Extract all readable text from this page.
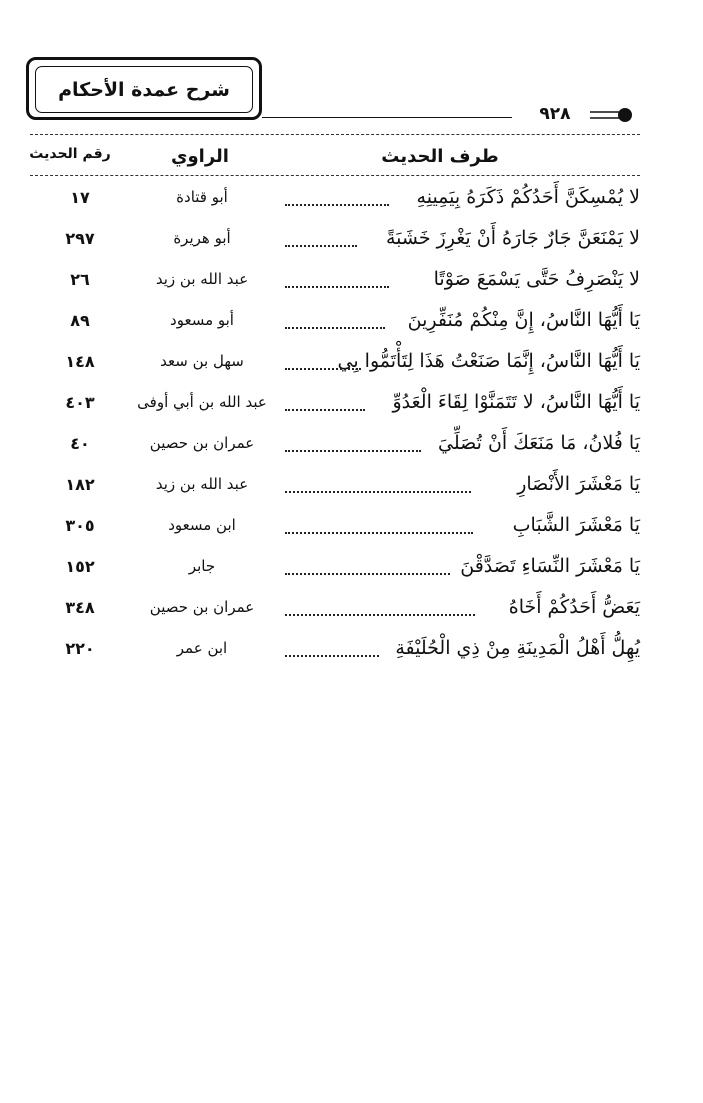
شرح عمدة الأحكام
٩٢٨
طرف الحديث
الراوي
رقم الحديث
لا يُمْسِكَنَّ أَحَدُكُمْ ذَكَرَهُ بِيَمِينِهِ
أبو قتادة
١٧
لا يَمْنَعَنَّ جَارٌ جَارَهُ أَنْ يَغْرِزَ خَشَبَةً
أبو هريرة
٢٩٧
لا يَنْصَرِفُ حَتَّى يَسْمَعَ صَوْتًا
عبد الله بن زيد
٢٦
يَا أَيُّهَا النَّاسُ، إِنَّ مِنْكُمْ مُنَفِّرِينَ
أبو مسعود
٨٩
يَا أَيُّهَا النَّاسُ، إِنَّمَا صَنَعْتُ هَذَا لِتَأْتَمُّوا بِي
سهل بن سعد
١٤٨
يَا أَيُّهَا النَّاسُ، لا تَتَمَنَّوْا لِقَاءَ الْعَدُوِّ
عبد الله بن أبي أوفى
٤٠٣
يَا فُلانُ، مَا مَنَعَكَ أَنْ تُصَلِّيَ
عمران بن حصين
٤٠
يَا مَعْشَرَ الأَنْصَارِ
عبد الله بن زيد
١٨٢
يَا مَعْشَرَ الشَّبَابِ
ابن مسعود
٣٠٥
يَا مَعْشَرَ النِّسَاءِ تَصَدَّقْنَ
جابر
١٥٢
يَعَضُّ أَحَدُكُمْ أَخَاهُ
عمران بن حصين
٣٤٨
يُهِلُّ أَهْلُ الْمَدِينَةِ مِنْ ذِي الْحُلَيْفَةِ
ابن عمر
٢٢٠
